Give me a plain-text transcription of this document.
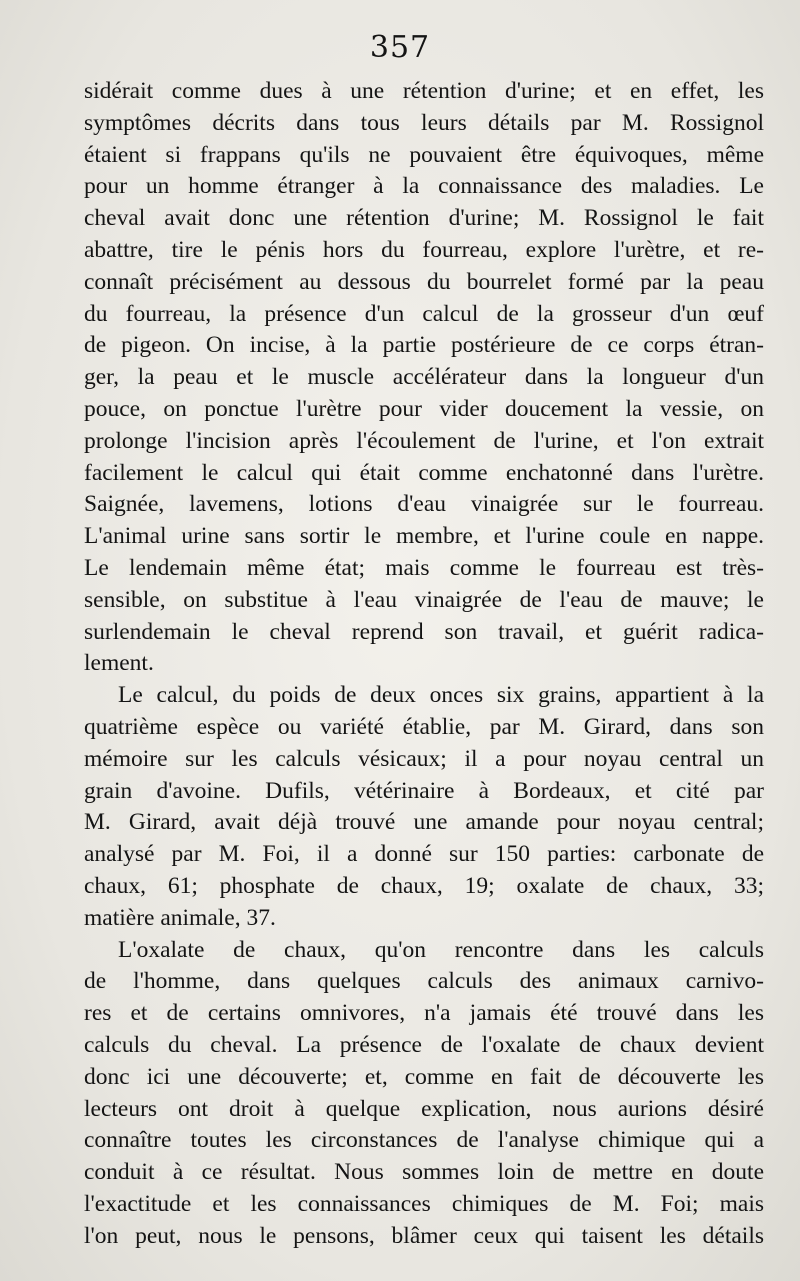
357
sidérait comme dues à une rétention d'urine; et en effet, les
symptômes décrits dans tous leurs détails par M. Rossignol
étaient si frappans qu'ils ne pouvaient être équivoques, même
pour un homme étranger à la connaissance des maladies. Le
cheval avait donc une rétention d'urine; M. Rossignol le fait
abattre, tire le pénis hors du fourreau, explore l'urètre, et re-
connaît précisément au dessous du bourrelet formé par la peau
du fourreau, la présence d'un calcul de la grosseur d'un œuf
de pigeon. On incise, à la partie postérieure de ce corps étran-
ger, la peau et le muscle accélérateur dans la longueur d'un
pouce, on ponctue l'urètre pour vider doucement la vessie, on
prolonge l'incision après l'écoulement de l'urine, et l'on extrait
facilement le calcul qui était comme enchatonné dans l'urètre.
Saignée, lavemens, lotions d'eau vinaigrée sur le fourreau.
L'animal urine sans sortir le membre, et l'urine coule en nappe.
Le lendemain même état; mais comme le fourreau est très-
sensible, on substitue à l'eau vinaigrée de l'eau de mauve; le
surlendemain le cheval reprend son travail, et guérit radica-
lement.
Le calcul, du poids de deux onces six grains, appartient à la
quatrième espèce ou variété établie, par M. Girard, dans son
mémoire sur les calculs vésicaux; il a pour noyau central un
grain d'avoine. Dufils, vétérinaire à Bordeaux, et cité par
M. Girard, avait déjà trouvé une amande pour noyau central;
analysé par M. Foi, il a donné sur 150 parties: carbonate de
chaux, 61; phosphate de chaux, 19; oxalate de chaux, 33;
matière animale, 37.
L'oxalate de chaux, qu'on rencontre dans les calculs
de l'homme, dans quelques calculs des animaux carnivo-
res et de certains omnivores, n'a jamais été trouvé dans les
calculs du cheval. La présence de l'oxalate de chaux devient
donc ici une découverte; et, comme en fait de découverte les
lecteurs ont droit à quelque explication, nous aurions désiré
connaître toutes les circonstances de l'analyse chimique qui a
conduit à ce résultat. Nous sommes loin de mettre en doute
l'exactitude et les connaissances chimiques de M. Foi; mais
l'on peut, nous le pensons, blâmer ceux qui taisent les détails
